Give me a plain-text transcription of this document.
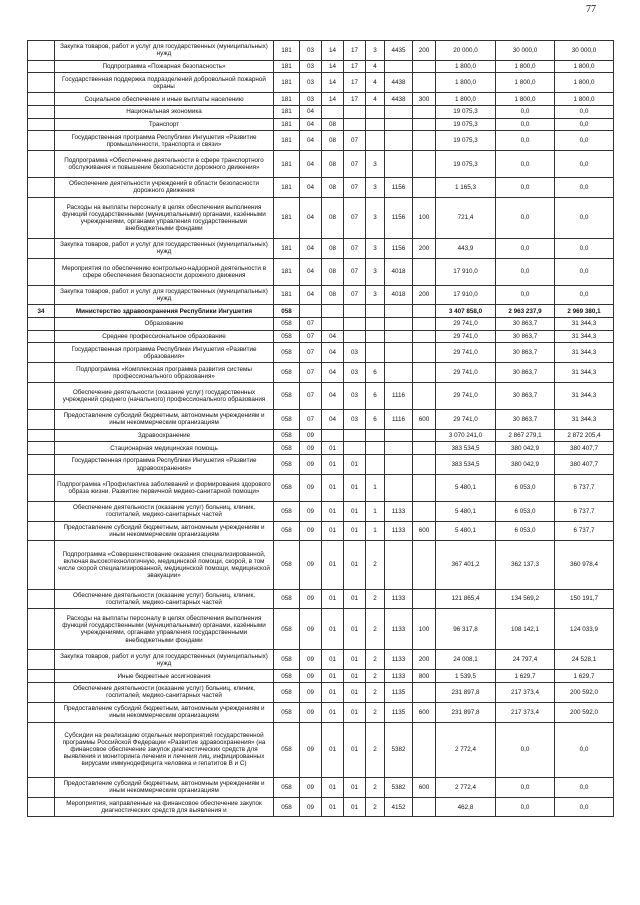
77
	Закупка товаров, работ и услуг для государственных (муниципальных) нужд	181	03	14	17	3	4435	200	20 000,0	30 000,0	30 000,0
	Подпрограмма «Пожарная безопасность»	181	03	14	17	4			1 800,0	1 800,0	1 800,0
	Государственная поддержка подразделений добровольной пожарной охраны	181	03	14	17	4	4438		1 800,0	1 800,0	1 800,0
	Социальное обеспечение и иные выплаты населению	181	03	14	17	4	4438	300	1 800,0	1 800,0	1 800,0
	Национальная экономика	181	04						19 075,3	0,0	0,0
	Транспорт	181	04	08					19 075,3	0,0	0,0
	Государственная программа Республики Ингушетия «Развитие промышленности, транспорта и связи»	181	04	08	07				19 075,3	0,0	0,0
	Подпрограмма «Обеспечение деятельности в сфере транспортного обслуживания и повышение безопасности дорожного движения»	181	04	08	07	3			19 075,3	0,0	0,0
	Обеспечение деятельности учреждений в области безопасности дорожного движения	181	04	08	07	3	1156		1 165,3	0,0	0,0
	Расходы на выплаты персоналу в целях обеспечения выполнения функций государственными (муниципальными) органами, казёнными учреждениями, органами управления государственными внебюджетными фондами	181	04	08	07	3	1156	100	721,4	0,0	0,0
	Закупка товаров, работ и услуг для государственных (муниципальных) нужд	181	04	08	07	3	1156	200	443,9	0,0	0,0
	Мероприятия по обеспечению контрольно-надзорной деятельности в сфере обеспечения безопасности дорожного движения	181	04	08	07	3	4018		17 910,0	0,0	0,0
	Закупка товаров, работ и услуг для государственных (муниципальных) нужд	181	04	08	07	3	4018	200	17 910,0	0,0	0,0
34	Министерство здравоохранения Республики Ингушетия	058							3 407 858,0	2 963 237,9	2 969 380,1
	Образование	058	07						29 741,0	30 863,7	31 344,3
	Среднее профессиональное образование	058	07	04					29 741,0	30 863,7	31 344,3
	Государственная программа Республики Ингушетия «Развитие образования»	058	07	04	03				29 741,0	30 863,7	31 344,3
	Подпрограмма «Комплексная программа развития системы профессионального образования»	058	07	04	03	6			29 741,0	30 863,7	31 344,3
	Обеспечение деятельности (оказание услуг) государственных учреждений среднего (начального) профессионального образования	058	07	04	03	6	1116		29 741,0	30 863,7	31 344,3
	Предоставление субсидий бюджетным, автономным учреждениям и иным некоммерческим организациям	058	07	04	03	6	1116	600	29 741,0	30 863,7	31 344,3
	Здравоохранение	058	09						3 070 241,0	2 867 279,1	2 872 205,4
	Стационарная медицинская помощь	058	09	01					383 534,5	380 042,9	380 407,7
	Государственная программа Республики Ингушетия «Развитие здравоохранения»	058	09	01	01				383 534,5	380 042,9	380 407,7
	Подпрограмма «Профилактика заболеваний и формирования здорового образа жизни. Развитие первичной медико-санитарной помощи»	058	09	01	01	1			5 480,1	6 053,0	6 737,7
	Обеспечение деятельности (оказание услуг) больниц, клиник, госпиталей, медико-санитарных частей	058	09	01	01	1	1133		5 480,1	6 053,0	6 737,7
	Предоставление субсидий бюджетным, автономным учреждениям и иным некоммерческим организациям	058	09	01	01	1	1133	600	5 480,1	6 053,0	6 737,7
	Подпрограмма «Совершенствование оказания специализированной, включая высокотехнологичную, медицинской помощи, скорой, в том числе скорой специализированной, медицинской помощи, медицинской эвакуации»	058	09	01	01	2			367 401,2	362 137,3	360 978,4
	Обеспечение деятельности (оказание услуг) больниц, клиник, госпиталей, медико-санитарных частей	058	09	01	01	2	1133		121 865,4	134 569,2	150 191,7
	Расходы на выплаты персоналу в целях обеспечения выполнения функций государственными (муниципальными) органами, казёнными учреждениями, органами управления государственными внебюджетными фондами	058	09	01	01	2	1133	100	96 317,8	108 142,1	124 033,9
	Закупка товаров, работ и услуг для государственных (муниципальных) нужд	058	09	01	01	2	1133	200	24 008,1	24 797,4	24 528,1
	Иные бюджетные ассигнования	058	09	01	01	2	1133	800	1 539,5	1 629,7	1 629,7
	Обеспечение деятельности (оказание услуг) больниц, клиник, госпиталей, медико-санитарных частей	058	09	01	01	2	1135		231 897,8	217 373,4	200 592,0
	Предоставление субсидий бюджетным, автономным учреждениям и иным некоммерческим организациям	058	09	01	01	2	1135	600	231 897,8	217 373,4	200 592,0
	Субсидии на реализацию отдельных мероприятий государственной программы Российской Федерации «Развитие здравоохранения» (на финансовое обеспечение закупок диагностических средств для выявления и мониторинга лечения и лечения лиц, инфицированных вирусами иммунодефицита человека и гепатитов В и С)	058	09	01	01	2	5382		2 772,4	0,0	0,0
	Предоставление субсидий бюджетным, автономным учреждениям и иным некоммерческим организациям	058	09	01	01	2	5382	600	2 772,4	0,0	0,0
	Мероприятия, направленные на финансовое обеспечение закупок диагностических средств для выявления и	058	09	01	01	2	4152		462,8	0,0	0,0
